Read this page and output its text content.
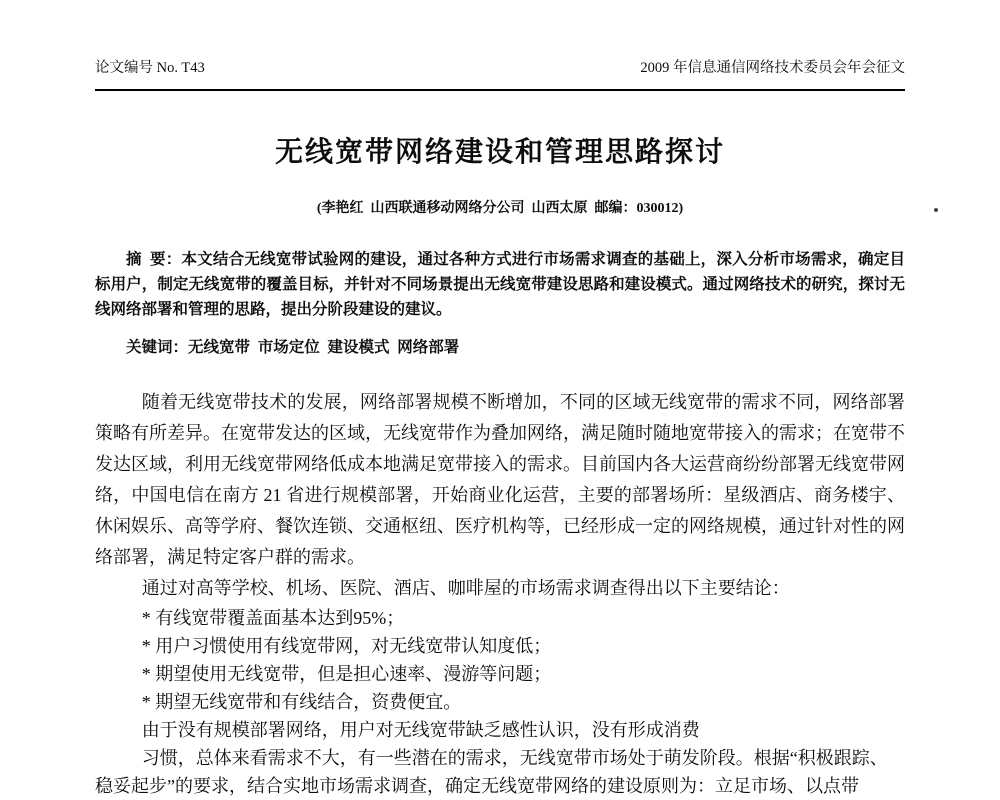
论文编号 No. T43	2009 年信息通信网络技术委员会年会征文
无线宽带网络建设和管理思路探讨

(李艳红  山西联通移动网络分公司  山西太原  邮编：030012)

摘  要：本文结合无线宽带试验网的建设，通过各种方式进行市场需求调查的基础上，深入分析市场需求，确定目标用户，制定无线宽带的覆盖目标，并针对不同场景提出无线宽带建设思路和建设模式。通过网络技术的研究，探讨无线网络部署和管理的思路，提出分阶段建设的建议。

关键词：无线宽带  市场定位  建设模式  网络部署

随着无线宽带技术的发展，网络部署规模不断增加，不同的区域无线宽带的需求不同，网络部署策略有所差异。在宽带发达的区域，无线宽带作为叠加网络，满足随时随地宽带接入的需求；在宽带不发达区域，利用无线宽带网络低成本地满足宽带接入的需求。目前国内各大运营商纷纷部署无线宽带网络，中国电信在南方 21 省进行规模部署，开始商业化运营，主要的部署场所：星级酒店、商务楼宇、休闲娱乐、高等学府、餐饮连锁、交通枢纽、医疗机构等，已经形成一定的网络规模，通过针对性的网络部署，满足特定客户群的需求。

通过对高等学校、机场、医院、酒店、咖啡屋的市场需求调查得出以下主要结论：

* 有线宽带覆盖面基本达到95%；

* 用户习惯使用有线宽带网，对无线宽带认知度低；

* 期望使用无线宽带，但是担心速率、漫游等问题；

* 期望无线宽带和有线结合，资费便宜。

由于没有规模部署网络，用户对无线宽带缺乏感性认识，没有形成消费

习惯，总体来看需求不大，有一些潜在的需求，无线宽带市场处于萌发阶段。根据“积极跟踪、

稳妥起步”的要求，结合实地市场需求调查，确定无线宽带网络的建设原则为：立足市场、以点带
